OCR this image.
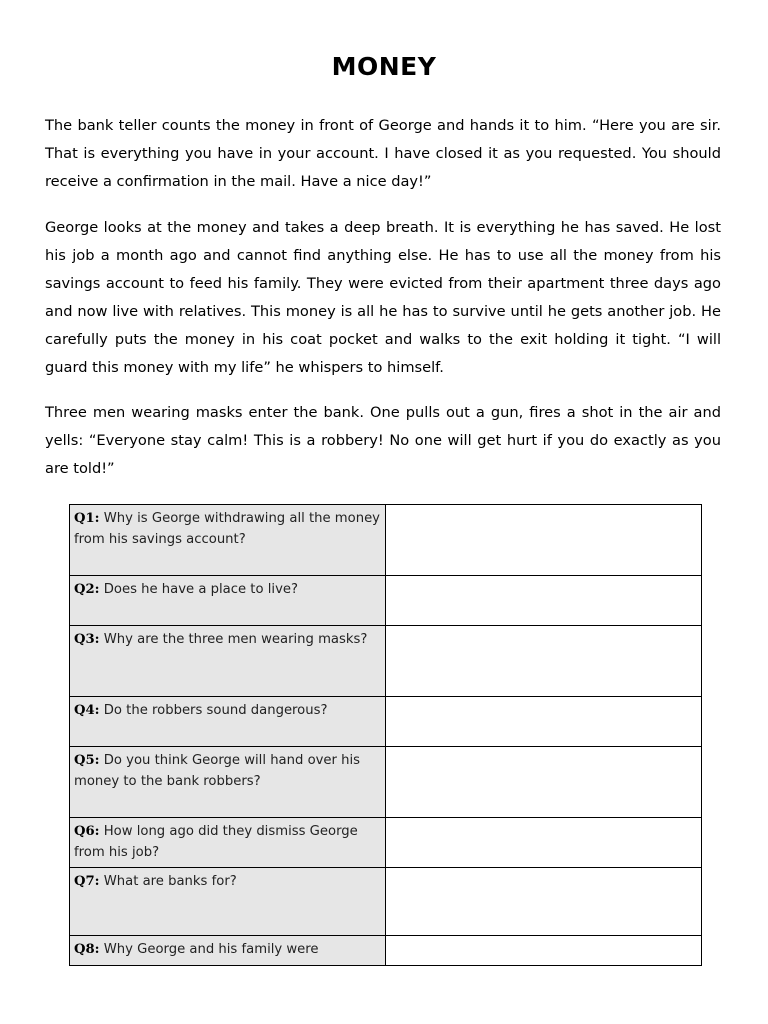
MONEY

The bank teller counts the money in front of George and hands it to him. “Here you are sir. That is everything you have in your account. I have closed it as you requested. You should receive a confirmation in the mail. Have a nice day!”

George looks at the money and takes a deep breath. It is everything he has saved. He lost his job a month ago and cannot find anything else. He has to use all the money from his savings account to feed his family. They were evicted from their apartment three days ago and now live with relatives. This money is all he has to survive until he gets another job. He carefully puts the money in his coat pocket and walks to the exit holding it tight. “I will guard this money with my life” he whispers to himself.

Three men wearing masks enter the bank. One pulls out a gun, fires a shot in the air and yells: “Everyone stay calm! This is a robbery! No one will get hurt if you do exactly as you are told!”

Q1: Why is George withdrawing all the money from his savings account?	
Q2: Does he have a place to live?	
Q3: Why are the three men wearing masks?	
Q4: Do the robbers sound dangerous?	
Q5: Do you think George will hand over his money to the bank robbers?	
Q6: How long ago did they dismiss George from his job?	
Q7: What are banks for?	
Q8: Why George and his family were	
